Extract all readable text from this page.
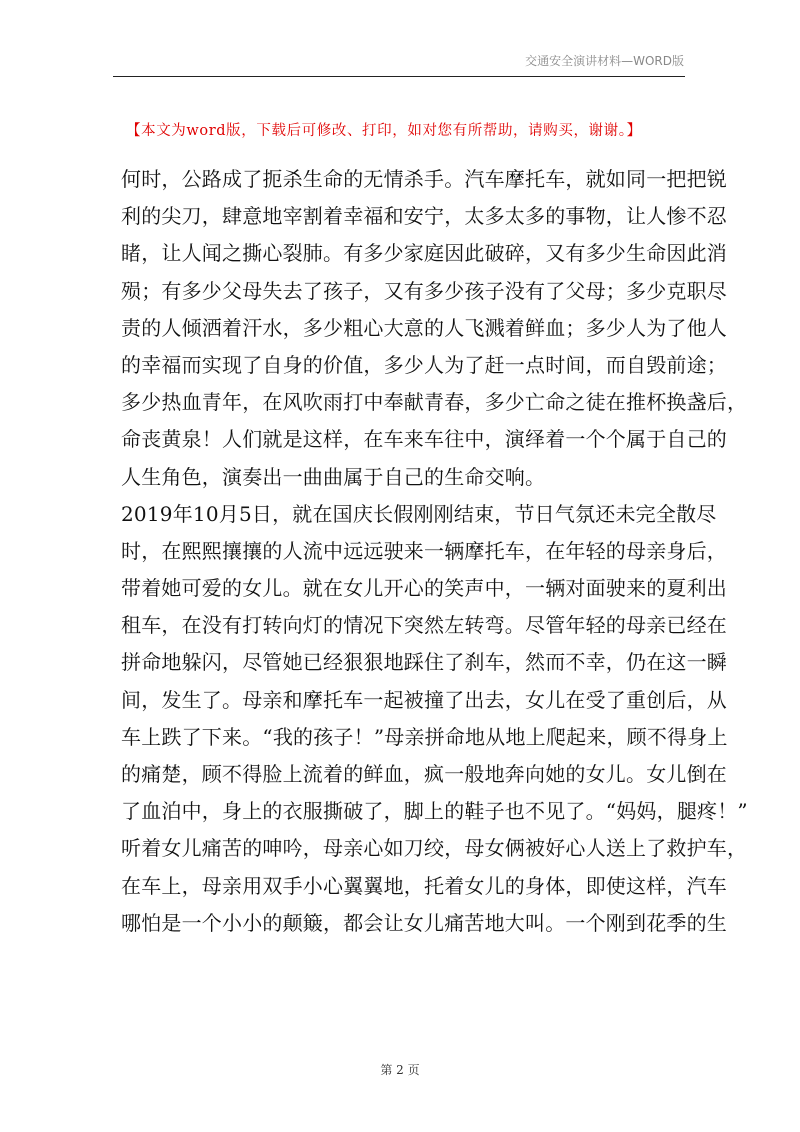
交通安全演讲材料—WORD版
【本文为word版，下载后可修改、打印，如对您有所帮助，请购买，谢谢。】
何时，公路成了扼杀生命的无情杀手。汽车摩托车，就如同一把把锐
利的尖刀，肆意地宰割着幸福和安宁，太多太多的事物，让人惨不忍
睹，让人闻之撕心裂肺。有多少家庭因此破碎，又有多少生命因此消
殒；有多少父母失去了孩子，又有多少孩子没有了父母；多少克职尽
责的人倾洒着汗水，多少粗心大意的人飞溅着鲜血；多少人为了他人
的幸福而实现了自身的价值，多少人为了赶一点时间，而自毁前途；
多少热血青年，在风吹雨打中奉献青春，多少亡命之徒在推杯换盏后，
命丧黄泉！人们就是这样，在车来车往中，演绎着一个个属于自己的
人生角色，演奏出一曲曲属于自己的生命交响。
2019年10月5日，就在国庆长假刚刚结束，节日气氛还未完全散尽
时，在熙熙攘攘的人流中远远驶来一辆摩托车，在年轻的母亲身后，
带着她可爱的女儿。就在女儿开心的笑声中，一辆对面驶来的夏利出
租车，在没有打转向灯的情况下突然左转弯。尽管年轻的母亲已经在
拼命地躲闪，尽管她已经狠狠地踩住了刹车，然而不幸，仍在这一瞬
间，发生了。母亲和摩托车一起被撞了出去，女儿在受了重创后，从
车上跌了下来。“我的孩子！”母亲拼命地从地上爬起来，顾不得身上
的痛楚，顾不得脸上流着的鲜血，疯一般地奔向她的女儿。女儿倒在
了血泊中，身上的衣服撕破了，脚上的鞋子也不见了。“妈妈，腿疼！”
听着女儿痛苦的呻吟，母亲心如刀绞，母女俩被好心人送上了救护车，
在车上，母亲用双手小心翼翼地，托着女儿的身体，即使这样，汽车
哪怕是一个小小的颠簸，都会让女儿痛苦地大叫。一个刚到花季的生
第 2 页
